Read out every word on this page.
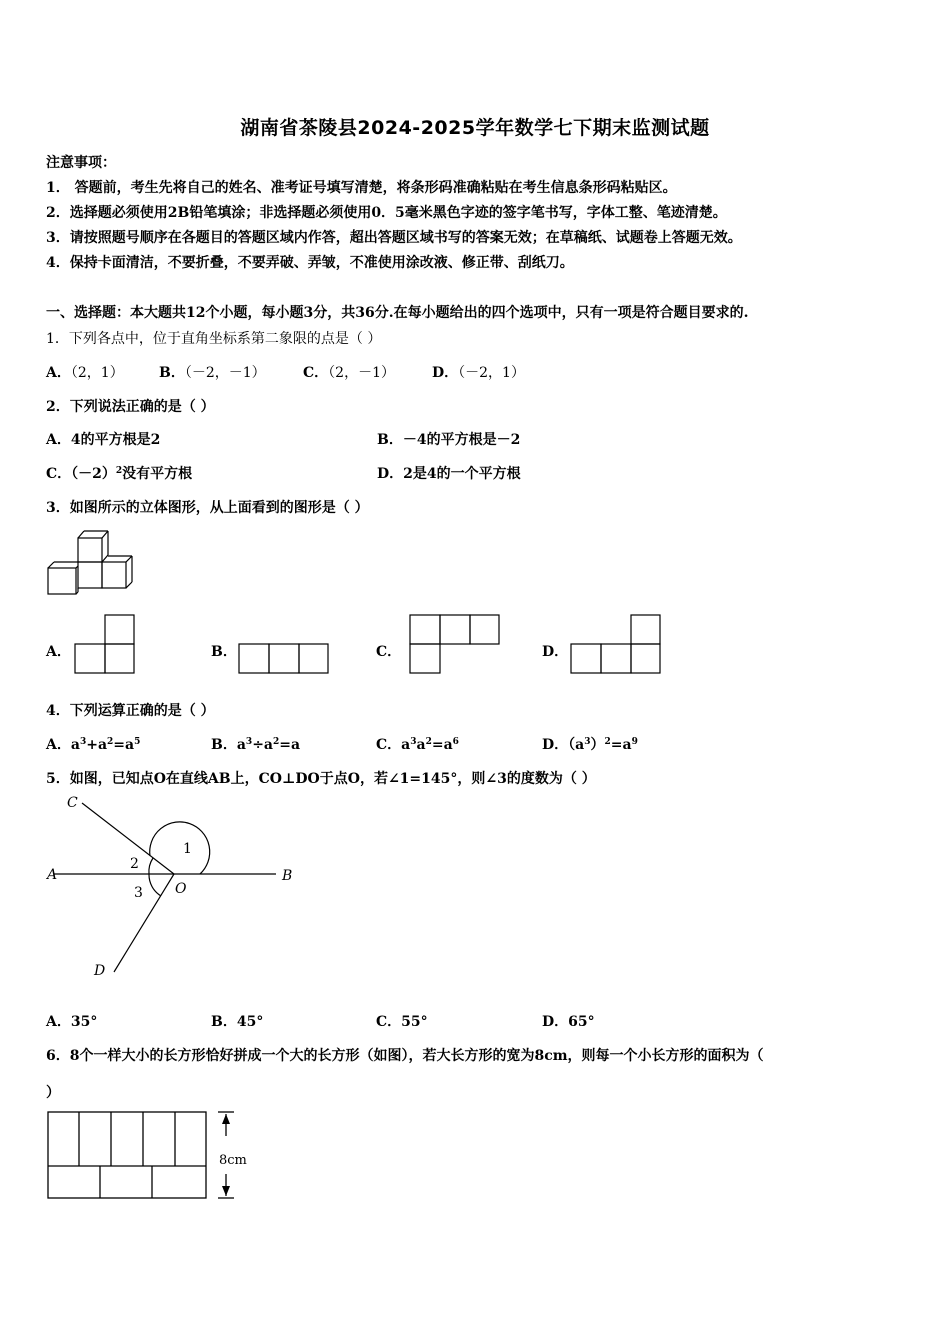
湖南省茶陵县2024-2025学年数学七下期末监测试题
注意事项：
1． 答题前，考生先将自己的姓名、准考证号填写清楚，将条形码准确粘贴在考生信息条形码粘贴区。
2．选择题必须使用2B铅笔填涂；非选择题必须使用0．5毫米黑色字迹的签字笔书写，字体工整、笔迹清楚。
3．请按照题号顺序在各题目的答题区域内作答，超出答题区域书写的答案无效；在草稿纸、试题卷上答题无效。
4．保持卡面清洁，不要折叠，不要弄破、弄皱，不准使用涂改液、修正带、刮纸刀。
一、选择题：本大题共12个小题，每小题3分，共36分.在每小题给出的四个选项中，只有一项是符合题目要求的.
1．下列各点中，位于直角坐标系第二象限的点是（ ）
A．（2，1）	B．（－2，－1）	C．（2，－1）	D．（－2，1）
2．下列说法正确的是（ ）
A．4的平方根是2	B．－4的平方根是－2
C．$(-2)^2$没有平方根	D．2是4的一个平方根
3．如图所示的立体图形，从上面看到的图形是（ ）
A．	B．	C．	D．
4．下列运算正确的是（ ）
A．$a^3+a^2=a^5$	B．$a^3\div a^2=a$	C．$a^3a^2=a^6$	D．$(a^3)^2=a^9$
5．如图，已知点O在直线AB上，CO⊥DO于点O，若∠1=145°，则∠3的度数为（ ）
C
A	B
D
O
1
2
3
A．35°	B．45°	C．55°	D．65°
6．8个一样大小的长方形恰好拼成一个大的长方形（如图），若大长方形的宽为8cm，则每一个小长方形的面积为（
）
8cm
